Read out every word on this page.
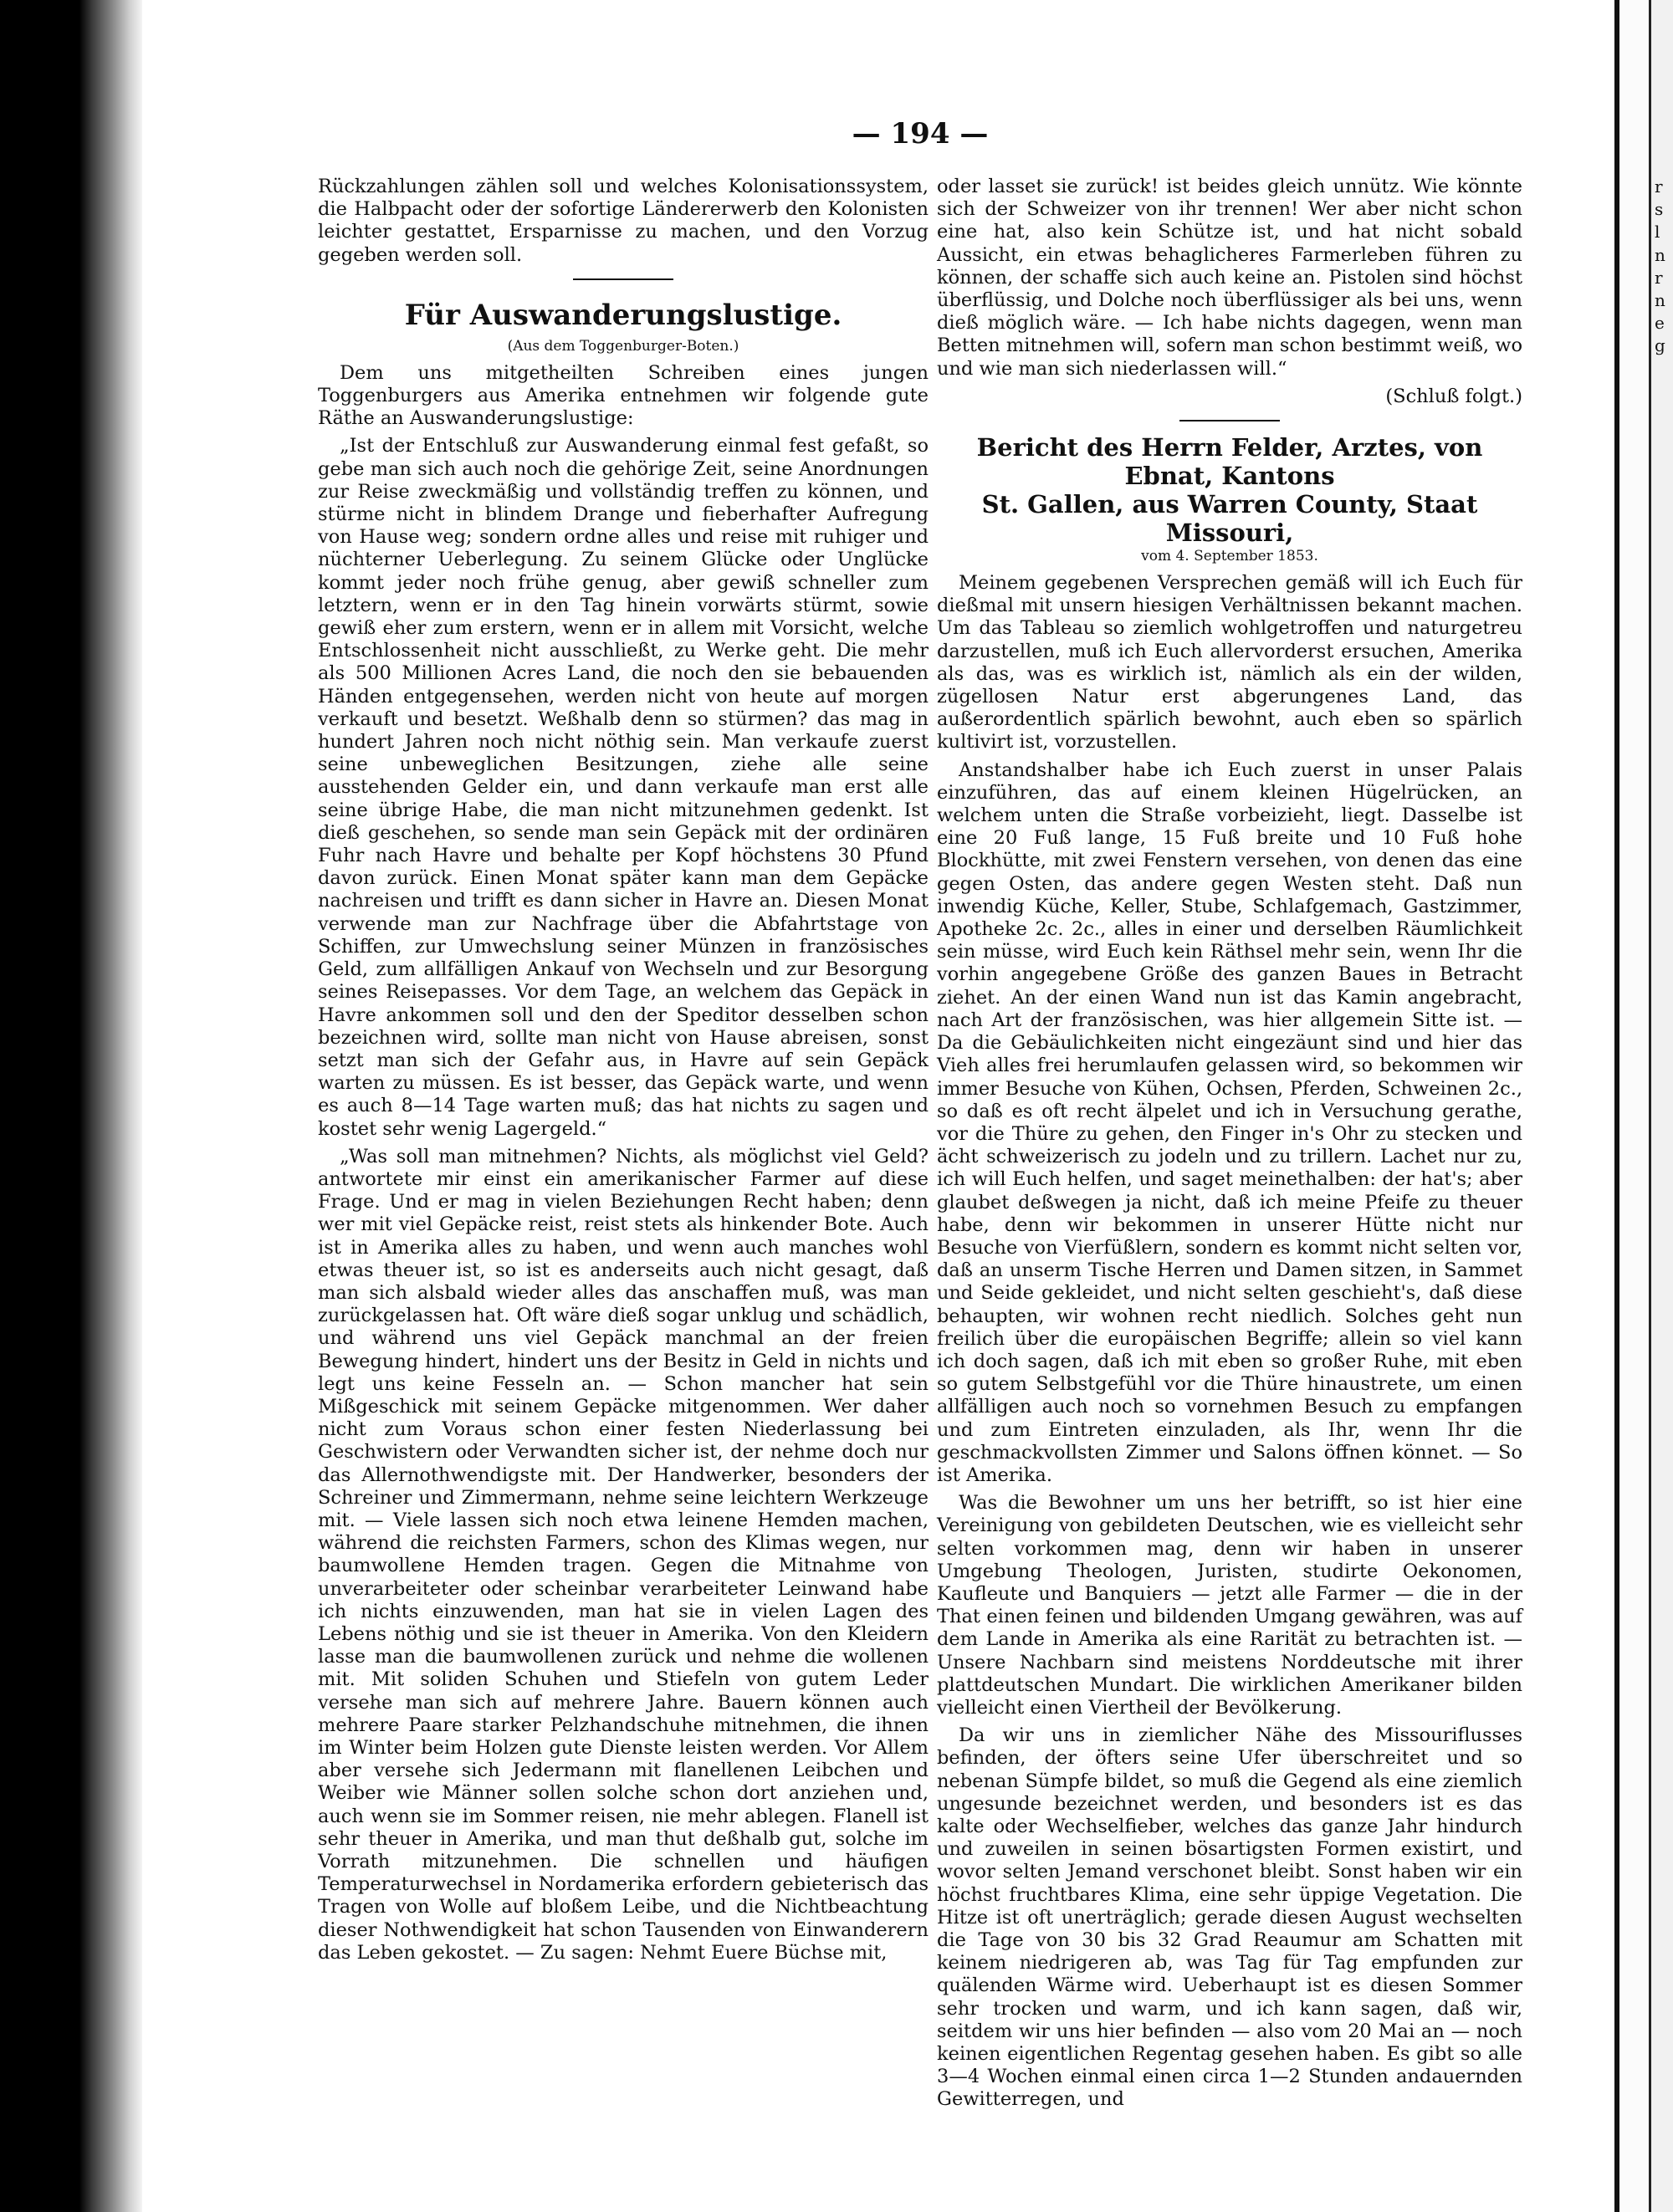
— 194 —

Rückzahlungen zählen soll und welches Kolonisationssystem, die Halbpacht oder der sofortige Ländererwerb den Kolonisten leichter gestattet, Ersparnisse zu machen, und den Vorzug gegeben werden soll.

Für Auswanderungslustige.
(Aus dem Toggenburger-Boten.)

Dem uns mitgetheilten Schreiben eines jungen Toggenburgers aus Amerika entnehmen wir folgende gute Räthe an Auswanderungslustige:

„Ist der Entschluß zur Auswanderung einmal fest gefaßt, so gebe man sich auch noch die gehörige Zeit, seine Anordnungen zur Reise zweckmäßig und vollständig treffen zu können, und stürme nicht in blindem Drange und fieberhafter Aufregung von Hause weg; sondern ordne alles und reise mit ruhiger und nüchterner Ueberlegung. Zu seinem Glücke oder Unglücke kommt jeder noch frühe genug, aber gewiß schneller zum letztern, wenn er in den Tag hinein vorwärts stürmt, sowie gewiß eher zum erstern, wenn er in allem mit Vorsicht, welche Entschlossenheit nicht ausschließt, zu Werke geht. Die mehr als 500 Millionen Acres Land, die noch den sie bebauenden Händen entgegensehen, werden nicht von heute auf morgen verkauft und besetzt. Weßhalb denn so stürmen? das mag in hundert Jahren noch nicht nöthig sein. Man verkaufe zuerst seine unbeweglichen Besitzungen, ziehe alle seine ausstehenden Gelder ein, und dann verkaufe man erst alle seine übrige Habe, die man nicht mitzunehmen gedenkt. Ist dieß geschehen, so sende man sein Gepäck mit der ordinären Fuhr nach Havre und behalte per Kopf höchstens 30 Pfund davon zurück. Einen Monat später kann man dem Gepäcke nachreisen und trifft es dann sicher in Havre an. Diesen Monat verwende man zur Nachfrage über die Abfahrtstage von Schiffen, zur Umwechslung seiner Münzen in französisches Geld, zum allfälligen Ankauf von Wechseln und zur Besorgung seines Reisepasses. Vor dem Tage, an welchem das Gepäck in Havre ankommen soll und den der Speditor desselben schon bezeichnen wird, sollte man nicht von Hause abreisen, sonst setzt man sich der Gefahr aus, in Havre auf sein Gepäck warten zu müssen. Es ist besser, das Gepäck warte, und wenn es auch 8—14 Tage warten muß; das hat nichts zu sagen und kostet sehr wenig Lagergeld.“

„Was soll man mitnehmen? Nichts, als möglichst viel Geld? antwortete mir einst ein amerikanischer Farmer auf diese Frage. Und er mag in vielen Beziehungen Recht haben; denn wer mit viel Gepäcke reist, reist stets als hinkender Bote. Auch ist in Amerika alles zu haben, und wenn auch manches wohl etwas theuer ist, so ist es anderseits auch nicht gesagt, daß man sich alsbald wieder alles das anschaffen muß, was man zurückgelassen hat. Oft wäre dieß sogar unklug und schädlich, und während uns viel Gepäck manchmal an der freien Bewegung hindert, hindert uns der Besitz in Geld in nichts und legt uns keine Fesseln an. — Schon mancher hat sein Mißgeschick mit seinem Gepäcke mitgenommen. Wer daher nicht zum Voraus schon einer festen Niederlassung bei Geschwistern oder Verwandten sicher ist, der nehme doch nur das Allernothwendigste mit. Der Handwerker, besonders der Schreiner und Zimmermann, nehme seine leichtern Werkzeuge mit. — Viele lassen sich noch etwa leinene Hemden machen, während die reichsten Farmers, schon des Klimas wegen, nur baumwollene Hemden tragen. Gegen die Mitnahme von unverarbeiteter oder scheinbar verarbeiteter Leinwand habe ich nichts einzuwenden, man hat sie in vielen Lagen des Lebens nöthig und sie ist theuer in Amerika. Von den Kleidern lasse man die baumwollenen zurück und nehme die wollenen mit. Mit soliden Schuhen und Stiefeln von gutem Leder versehe man sich auf mehrere Jahre. Bauern können auch mehrere Paare starker Pelzhandschuhe mitnehmen, die ihnen im Winter beim Holzen gute Dienste leisten werden. Vor Allem aber versehe sich Jedermann mit flanellenen Leibchen und Weiber wie Männer sollen solche schon dort anziehen und, auch wenn sie im Sommer reisen, nie mehr ablegen. Flanell ist sehr theuer in Amerika, und man thut deßhalb gut, solche im Vorrath mitzunehmen. Die schnellen und häufigen Temperaturwechsel in Nordamerika erfordern gebieterisch das Tragen von Wolle auf bloßem Leibe, und die Nichtbeachtung dieser Nothwendigkeit hat schon Tausenden von Einwanderern das Leben gekostet. — Zu sagen: Nehmt Euere Büchse mit,

oder lasset sie zurück! ist beides gleich unnütz. Wie könnte sich der Schweizer von ihr trennen! Wer aber nicht schon eine hat, also kein Schütze ist, und hat nicht sobald Aussicht, ein etwas behaglicheres Farmerleben führen zu können, der schaffe sich auch keine an. Pistolen sind höchst überflüssig, und Dolche noch überflüssiger als bei uns, wenn dieß möglich wäre. — Ich habe nichts dagegen, wenn man Betten mitnehmen will, sofern man schon bestimmt weiß, wo und wie man sich niederlassen will.“

(Schluß folgt.)
Bericht des Herrn Felder, Arztes, von Ebnat, Kantons
St. Gallen, aus Warren County, Staat Missouri,
vom 4. September 1853.

Meinem gegebenen Versprechen gemäß will ich Euch für dießmal mit unsern hiesigen Verhältnissen bekannt machen. Um das Tableau so ziemlich wohlgetroffen und naturgetreu darzustellen, muß ich Euch allervorderst ersuchen, Amerika als das, was es wirklich ist, nämlich als ein der wilden, zügellosen Natur erst abgerungenes Land, das außerordentlich spärlich bewohnt, auch eben so spärlich kultivirt ist, vorzustellen.

Anstandshalber habe ich Euch zuerst in unser Palais einzuführen, das auf einem kleinen Hügelrücken, an welchem unten die Straße vorbeizieht, liegt. Dasselbe ist eine 20 Fuß lange, 15 Fuß breite und 10 Fuß hohe Blockhütte, mit zwei Fenstern versehen, von denen das eine gegen Osten, das andere gegen Westen steht. Daß nun inwendig Küche, Keller, Stube, Schlafgemach, Gastzimmer, Apotheke 2c. 2c., alles in einer und derselben Räumlichkeit sein müsse, wird Euch kein Räthsel mehr sein, wenn Ihr die vorhin angegebene Größe des ganzen Baues in Betracht ziehet. An der einen Wand nun ist das Kamin angebracht, nach Art der französischen, was hier allgemein Sitte ist. — Da die Gebäulichkeiten nicht eingezäunt sind und hier das Vieh alles frei herumlaufen gelassen wird, so bekommen wir immer Besuche von Kühen, Ochsen, Pferden, Schweinen 2c., so daß es oft recht älpelet und ich in Versuchung gerathe, vor die Thüre zu gehen, den Finger in's Ohr zu stecken und ächt schweizerisch zu jodeln und zu trillern. Lachet nur zu, ich will Euch helfen, und saget meinethalben: der hat's; aber glaubet deßwegen ja nicht, daß ich meine Pfeife zu theuer habe, denn wir bekommen in unserer Hütte nicht nur Besuche von Vierfüßlern, sondern es kommt nicht selten vor, daß an unserm Tische Herren und Damen sitzen, in Sammet und Seide gekleidet, und nicht selten geschieht's, daß diese behaupten, wir wohnen recht niedlich. Solches geht nun freilich über die europäischen Begriffe; allein so viel kann ich doch sagen, daß ich mit eben so großer Ruhe, mit eben so gutem Selbstgefühl vor die Thüre hinaustrete, um einen allfälligen auch noch so vornehmen Besuch zu empfangen und zum Eintreten einzuladen, als Ihr, wenn Ihr die geschmackvollsten Zimmer und Salons öffnen könnet. — So ist Amerika.

Was die Bewohner um uns her betrifft, so ist hier eine Vereinigung von gebildeten Deutschen, wie es vielleicht sehr selten vorkommen mag, denn wir haben in unserer Umgebung Theologen, Juristen, studirte Oekonomen, Kaufleute und Banquiers — jetzt alle Farmer — die in der That einen feinen und bildenden Umgang gewähren, was auf dem Lande in Amerika als eine Rarität zu betrachten ist. — Unsere Nachbarn sind meistens Norddeutsche mit ihrer plattdeutschen Mundart. Die wirklichen Amerikaner bilden vielleicht einen Viertheil der Bevölkerung.

Da wir uns in ziemlicher Nähe des Missouriflusses befinden, der öfters seine Ufer überschreitet und so nebenan Sümpfe bildet, so muß die Gegend als eine ziemlich ungesunde bezeichnet werden, und besonders ist es das kalte oder Wechselfieber, welches das ganze Jahr hindurch und zuweilen in seinen bösartigsten Formen existirt, und wovor selten Jemand verschonet bleibt. Sonst haben wir ein höchst fruchtbares Klima, eine sehr üppige Vegetation. Die Hitze ist oft unerträglich; gerade diesen August wechselten die Tage von 30 bis 32 Grad Reaumur am Schatten mit keinem niedrigeren ab, was Tag für Tag empfunden zur quälenden Wärme wird. Ueberhaupt ist es diesen Sommer sehr trocken und warm, und ich kann sagen, daß wir, seitdem wir uns hier befinden — also vom 20 Mai an — noch keinen eigentlichen Regentag gesehen haben. Es gibt so alle 3—4 Wochen einmal einen circa 1—2 Stunden andauernden Gewitterregen, und

r
s
l
n
r
n
e
g
